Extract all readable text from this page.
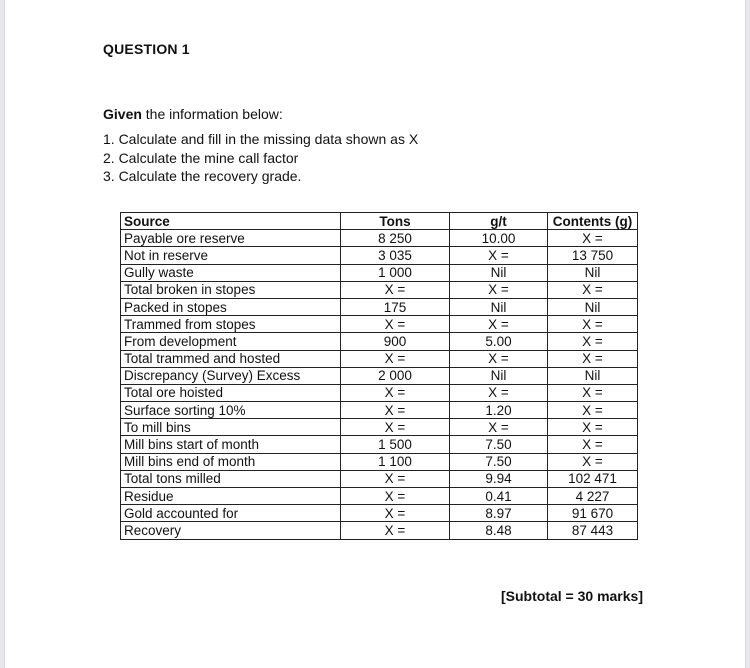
QUESTION 1
Given the information below:
1. Calculate and fill in the missing data shown as X
2. Calculate the mine call factor
3. Calculate the recovery grade.
Source	Tons	g/t	Contents (g)
Payable ore reserve	8 250	10.00	X =
Not in reserve	3 035	X =	13 750
Gully waste	1 000	Nil	Nil
Total broken in stopes	X =	X =	X =
Packed in stopes	175	Nil	Nil
Trammed from stopes	X =	X =	X =
From development	900	5.00	X =
Total trammed and hosted	X =	X =	X =
Discrepancy (Survey) Excess	2 000	Nil	Nil
Total ore hoisted	X =	X =	X =
Surface sorting 10%	X =	1.20	X =
To mill bins	X =	X =	X =
Mill bins start of month	1 500	7.50	X =
Mill bins end of month	1 100	7.50	X =
Total tons milled	X =	9.94	102 471
Residue	X =	0.41	4 227
Gold accounted for	X =	8.97	91 670
Recovery	X =	8.48	87 443
[Subtotal = 30 marks]
